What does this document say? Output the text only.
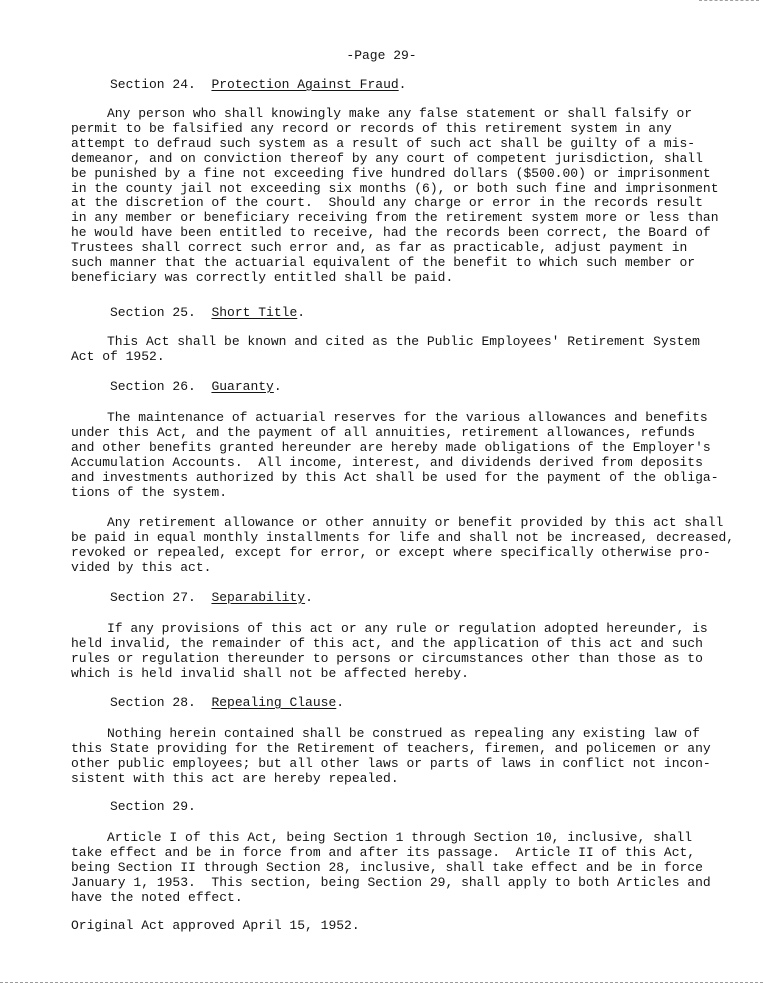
-Page 29-
Section 24. Protection Against Fraud.
Any person who shall knowingly make any false statement or shall falsify or
permit to be falsified any record or records of this retirement system in any
attempt to defraud such system as a result of such act shall be guilty of a mis-
demeanor, and on conviction thereof by any court of competent jurisdiction, shall
be punished by a fine not exceeding five hundred dollars ($500.00) or imprisonment
in the county jail not exceeding six months (6), or both such fine and imprisonment
at the discretion of the court.  Should any charge or error in the records result
in any member or beneficiary receiving from the retirement system more or less than
he would have been entitled to receive, had the records been correct, the Board of
Trustees shall correct such error and, as far as practicable, adjust payment in
such manner that the actuarial equivalent of the benefit to which such member or
beneficiary was correctly entitled shall be paid.
Section 25. Short Title.
This Act shall be known and cited as the Public Employees' Retirement System
Act of 1952.
Section 26. Guaranty.
The maintenance of actuarial reserves for the various allowances and benefits
under this Act, and the payment of all annuities, retirement allowances, refunds
and other benefits granted hereunder are hereby made obligations of the Employer's
Accumulation Accounts.  All income, interest, and dividends derived from deposits
and investments authorized by this Act shall be used for the payment of the obliga-
tions of the system.
Any retirement allowance or other annuity or benefit provided by this act shall
be paid in equal monthly installments for life and shall not be increased, decreased,
revoked or repealed, except for error, or except where specifically otherwise pro-
vided by this act.
Section 27. Separability.
If any provisions of this act or any rule or regulation adopted hereunder, is
held invalid, the remainder of this act, and the application of this act and such
rules or regulation thereunder to persons or circumstances other than those as to
which is held invalid shall not be affected hereby.
Section 28. Repealing Clause.
Nothing herein contained shall be construed as repealing any existing law of
this State providing for the Retirement of teachers, firemen, and policemen or any
other public employees; but all other laws or parts of laws in conflict not incon-
sistent with this act are hereby repealed.
Section 29.
Article I of this Act, being Section 1 through Section 10, inclusive, shall
take effect and be in force from and after its passage.  Article II of this Act,
being Section II through Section 28, inclusive, shall take effect and be in force
January 1, 1953.  This section, being Section 29, shall apply to both Articles and
have the noted effect.
Original Act approved April 15, 1952.
